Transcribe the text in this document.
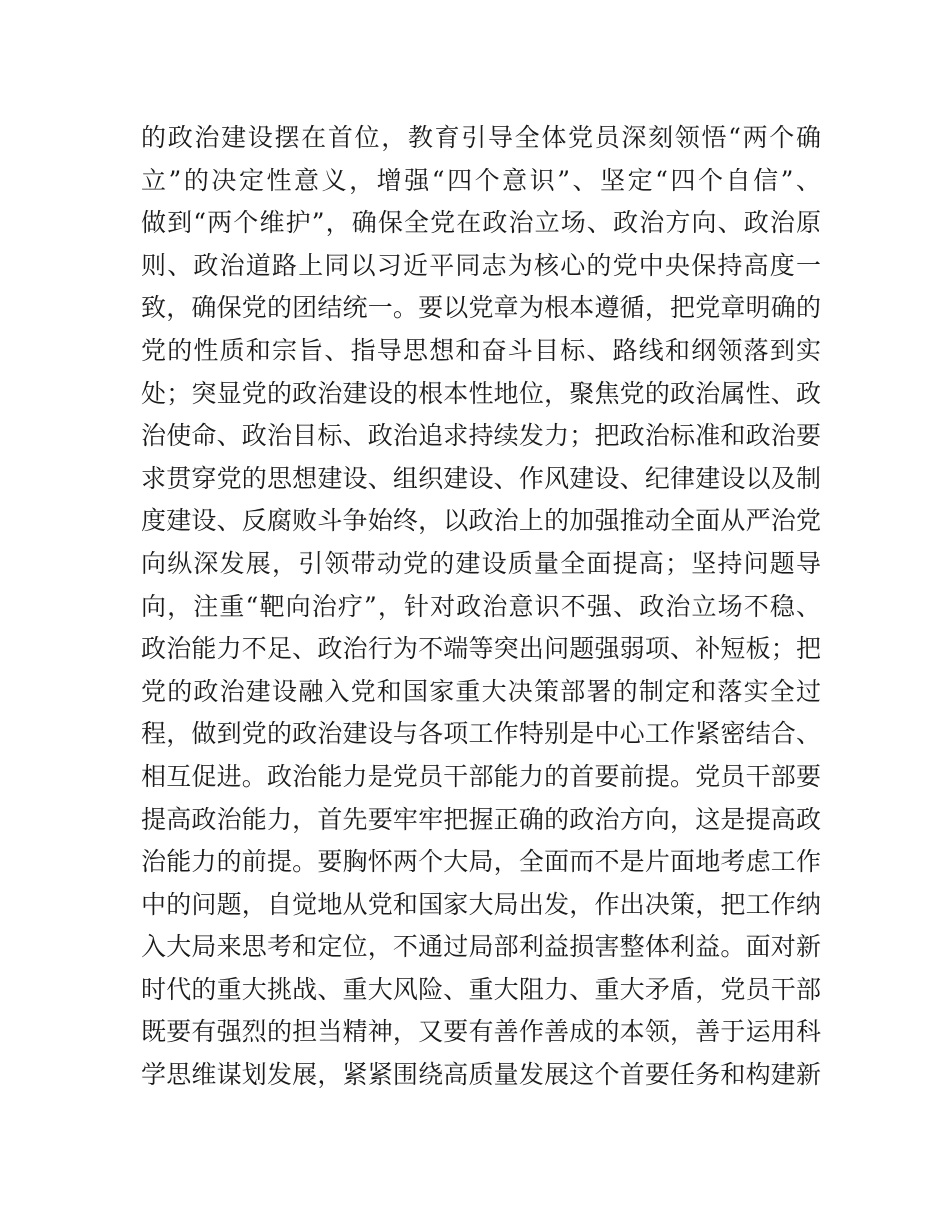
的政治建设摆在首位，教育引导全体党员深刻领悟“两个确
立”的决定性意义，增强“四个意识”、坚定“四个自信”、
做到“两个维护”，确保全党在政治立场、政治方向、政治原
则、政治道路上同以习近平同志为核心的党中央保持高度一
致，确保党的团结统一。要以党章为根本遵循，把党章明确的
党的性质和宗旨、指导思想和奋斗目标、路线和纲领落到实
处；突显党的政治建设的根本性地位，聚焦党的政治属性、政
治使命、政治目标、政治追求持续发力；把政治标准和政治要
求贯穿党的思想建设、组织建设、作风建设、纪律建设以及制
度建设、反腐败斗争始终，以政治上的加强推动全面从严治党
向纵深发展，引领带动党的建设质量全面提高；坚持问题导
向，注重“靶向治疗”，针对政治意识不强、政治立场不稳、
政治能力不足、政治行为不端等突出问题强弱项、补短板；把
党的政治建设融入党和国家重大决策部署的制定和落实全过
程，做到党的政治建设与各项工作特别是中心工作紧密结合、
相互促进。政治能力是党员干部能力的首要前提。党员干部要
提高政治能力，首先要牢牢把握正确的政治方向，这是提高政
治能力的前提。要胸怀两个大局，全面而不是片面地考虑工作
中的问题，自觉地从党和国家大局出发，作出决策，把工作纳
入大局来思考和定位，不通过局部利益损害整体利益。面对新
时代的重大挑战、重大风险、重大阻力、重大矛盾，党员干部
既要有强烈的担当精神，又要有善作善成的本领，善于运用科
学思维谋划发展，紧紧围绕高质量发展这个首要任务和构建新
